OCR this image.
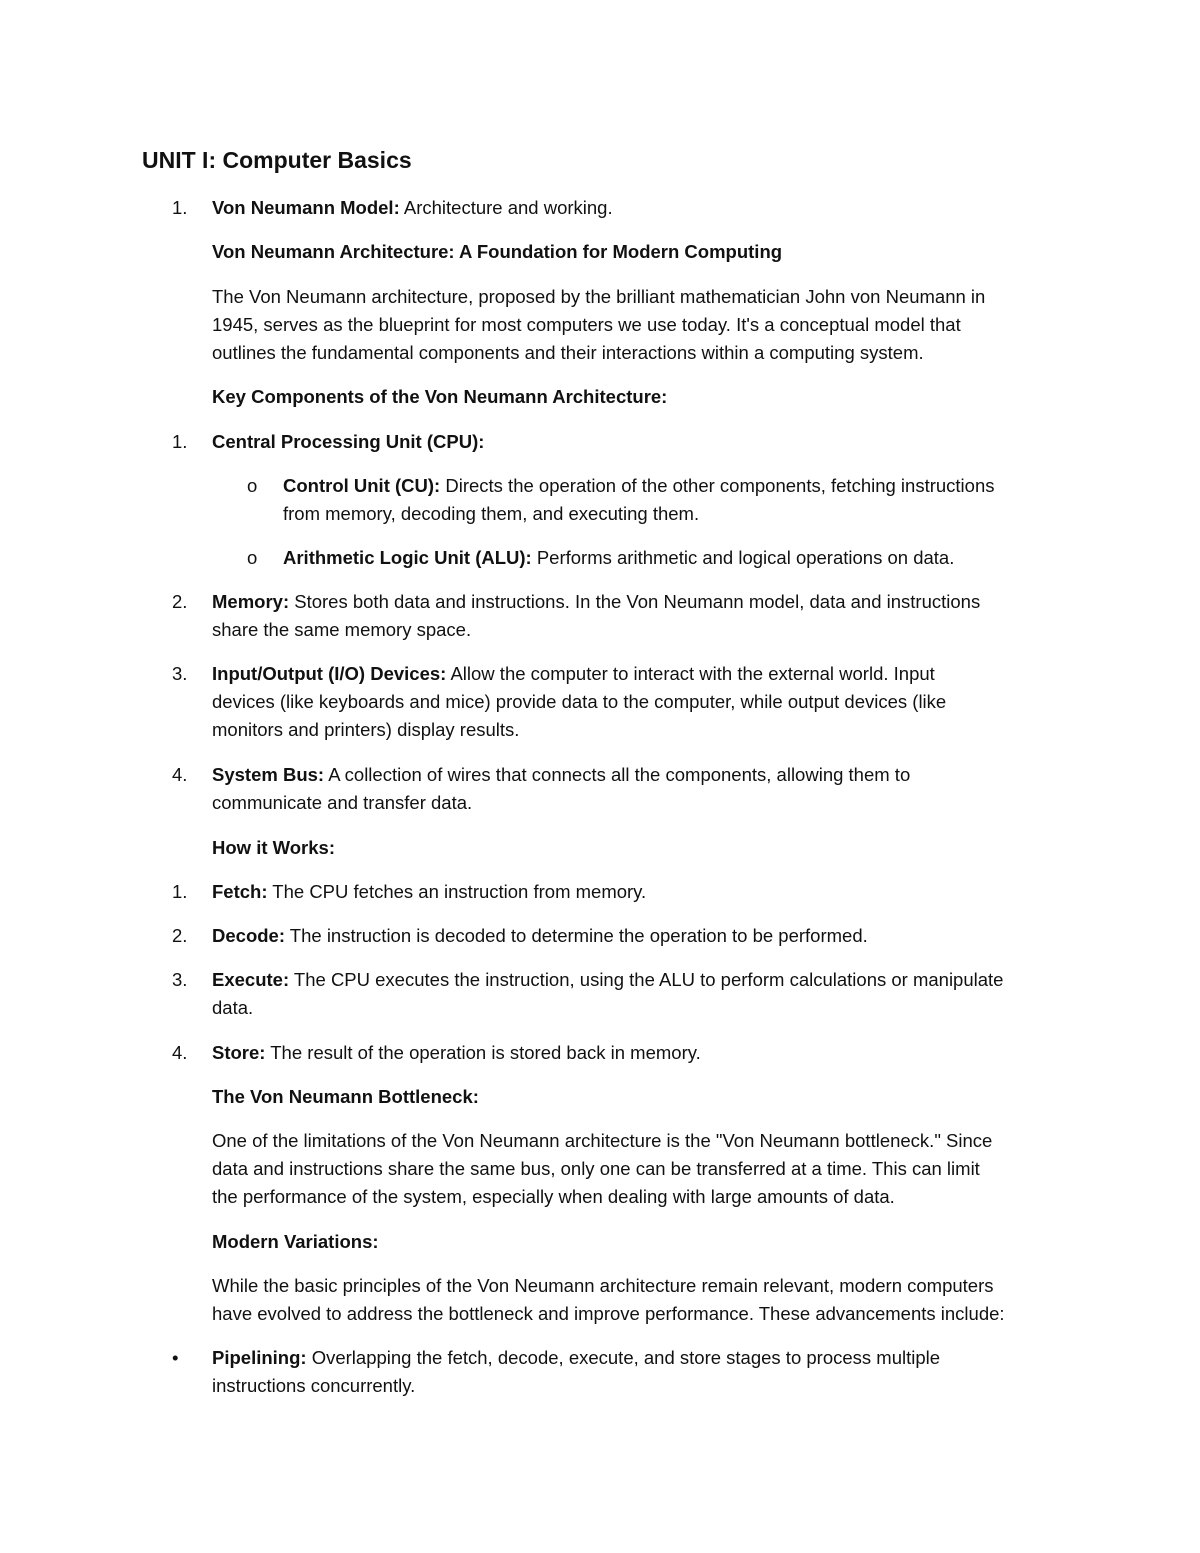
UNIT I: Computer Basics
1. Von Neumann Model: Architecture and working.
Von Neumann Architecture: A Foundation for Modern Computing
The Von Neumann architecture, proposed by the brilliant mathematician John von Neumann in
1945, serves as the blueprint for most computers we use today. It's a conceptual model that
outlines the fundamental components and their interactions within a computing system.
Key Components of the Von Neumann Architecture:
1. Central Processing Unit (CPU):
o Control Unit (CU): Directs the operation of the other components, fetching instructions
from memory, decoding them, and executing them.
o Arithmetic Logic Unit (ALU): Performs arithmetic and logical operations on data.
2. Memory: Stores both data and instructions. In the Von Neumann model, data and instructions
share the same memory space.
3. Input/Output (I/O) Devices: Allow the computer to interact with the external world. Input
devices (like keyboards and mice) provide data to the computer, while output devices (like
monitors and printers) display results.
4. System Bus: A collection of wires that connects all the components, allowing them to
communicate and transfer data.
How it Works:
1. Fetch: The CPU fetches an instruction from memory.
2. Decode: The instruction is decoded to determine the operation to be performed.
3. Execute: The CPU executes the instruction, using the ALU to perform calculations or manipulate
data.
4. Store: The result of the operation is stored back in memory.
The Von Neumann Bottleneck:
One of the limitations of the Von Neumann architecture is the "Von Neumann bottleneck." Since
data and instructions share the same bus, only one can be transferred at a time. This can limit
the performance of the system, especially when dealing with large amounts of data.
Modern Variations:
While the basic principles of the Von Neumann architecture remain relevant, modern computers
have evolved to address the bottleneck and improve performance. These advancements include:
• Pipelining: Overlapping the fetch, decode, execute, and store stages to process multiple
instructions concurrently.
